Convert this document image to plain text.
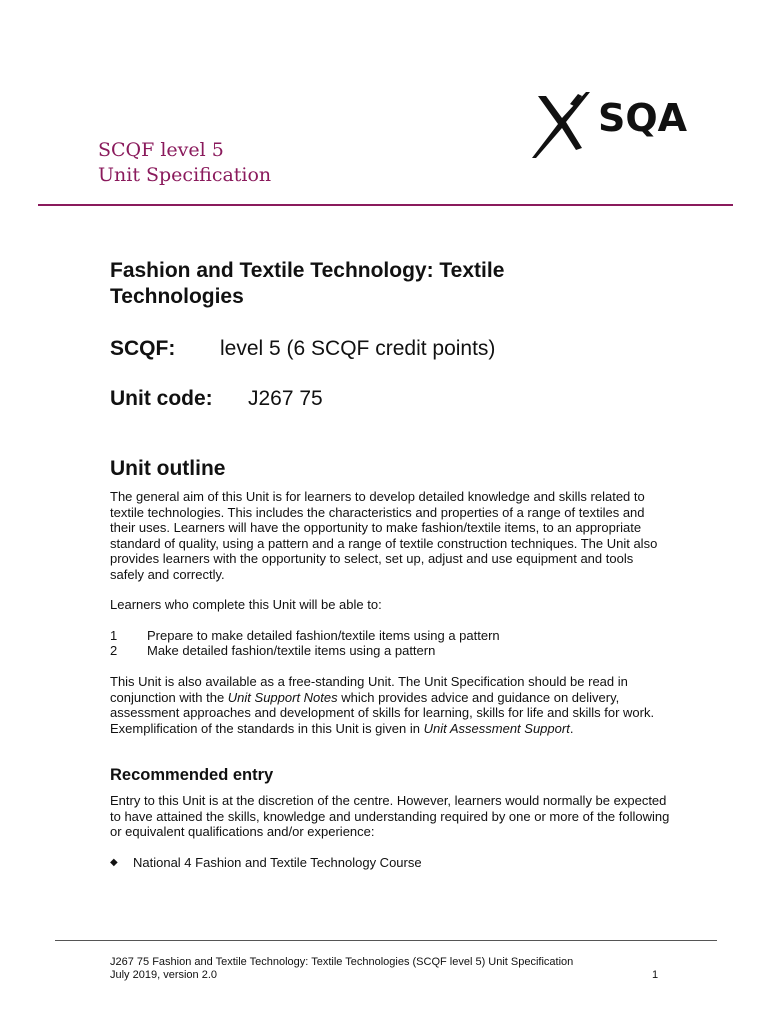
SCQF level 5
Unit Specification
SQA
Fashion and Textile Technology: Textile Technologies
SCQF: level 5 (6 SCQF credit points)
Unit code: J267 75
Unit outline
The general aim of this Unit is for learners to develop detailed knowledge and skills related to textile technologies. This includes the characteristics and properties of a range of textiles and their uses. Learners will have the opportunity to make fashion/textile items, to an appropriate standard of quality, using a pattern and a range of textile construction techniques. The Unit also provides learners with the opportunity to select, set up, adjust and use equipment and tools safely and correctly.
Learners who complete this Unit will be able to:
1 Prepare to make detailed fashion/textile items using a pattern
2 Make detailed fashion/textile items using a pattern
This Unit is also available as a free-standing Unit. The Unit Specification should be read in conjunction with the Unit Support Notes which provides advice and guidance on delivery, assessment approaches and development of skills for learning, skills for life and skills for work. Exemplification of the standards in this Unit is given in Unit Assessment Support.
Recommended entry
Entry to this Unit is at the discretion of the centre. However, learners would normally be expected to have attained the skills, knowledge and understanding required by one or more of the following or equivalent qualifications and/or experience:
◆ National 4 Fashion and Textile Technology Course
J267 75 Fashion and Textile Technology: Textile Technologies (SCQF level 5) Unit Specification
July 2019, version 2.0	1
